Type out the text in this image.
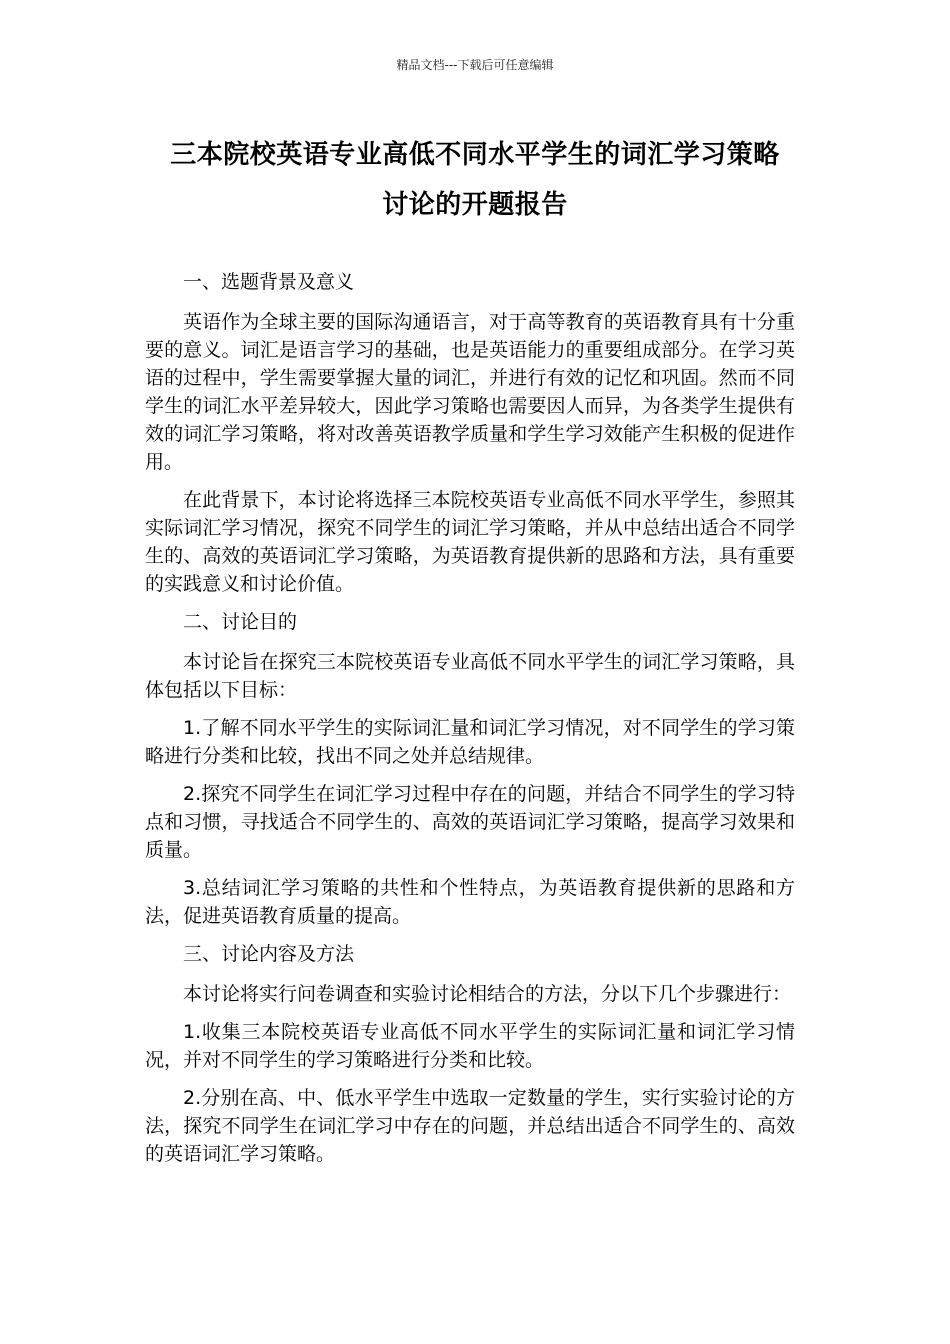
精品文档---下载后可任意编辑
三本院校英语专业高低不同水平学生的词汇学习策略
讨论的开题报告

一、选题背景及意义

英语作为全球主要的国际沟通语言，对于高等教育的英语教育具有十分重要的意义。词汇是语言学习的基础，也是英语能力的重要组成部分。在学习英语的过程中，学生需要掌握大量的词汇，并进行有效的记忆和巩固。然而不同学生的词汇水平差异较大，因此学习策略也需要因人而异，为各类学生提供有效的词汇学习策略，将对改善英语教学质量和学生学习效能产生积极的促进作用。

在此背景下，本讨论将选择三本院校英语专业高低不同水平学生，参照其实际词汇学习情况，探究不同学生的词汇学习策略，并从中总结出适合不同学生的、高效的英语词汇学习策略，为英语教育提供新的思路和方法，具有重要的实践意义和讨论价值。

二、讨论目的

本讨论旨在探究三本院校英语专业高低不同水平学生的词汇学习策略，具体包括以下目标：

1.了解不同水平学生的实际词汇量和词汇学习情况，对不同学生的学习策略进行分类和比较，找出不同之处并总结规律。

2.探究不同学生在词汇学习过程中存在的问题，并结合不同学生的学习特点和习惯，寻找适合不同学生的、高效的英语词汇学习策略，提高学习效果和质量。

3.总结词汇学习策略的共性和个性特点，为英语教育提供新的思路和方法，促进英语教育质量的提高。

三、讨论内容及方法

本讨论将实行问卷调查和实验讨论相结合的方法，分以下几个步骤进行：

1.收集三本院校英语专业高低不同水平学生的实际词汇量和词汇学习情况，并对不同学生的学习策略进行分类和比较。

2.分别在高、中、低水平学生中选取一定数量的学生，实行实验讨论的方法，探究不同学生在词汇学习中存在的问题，并总结出适合不同学生的、高效的英语词汇学习策略。
